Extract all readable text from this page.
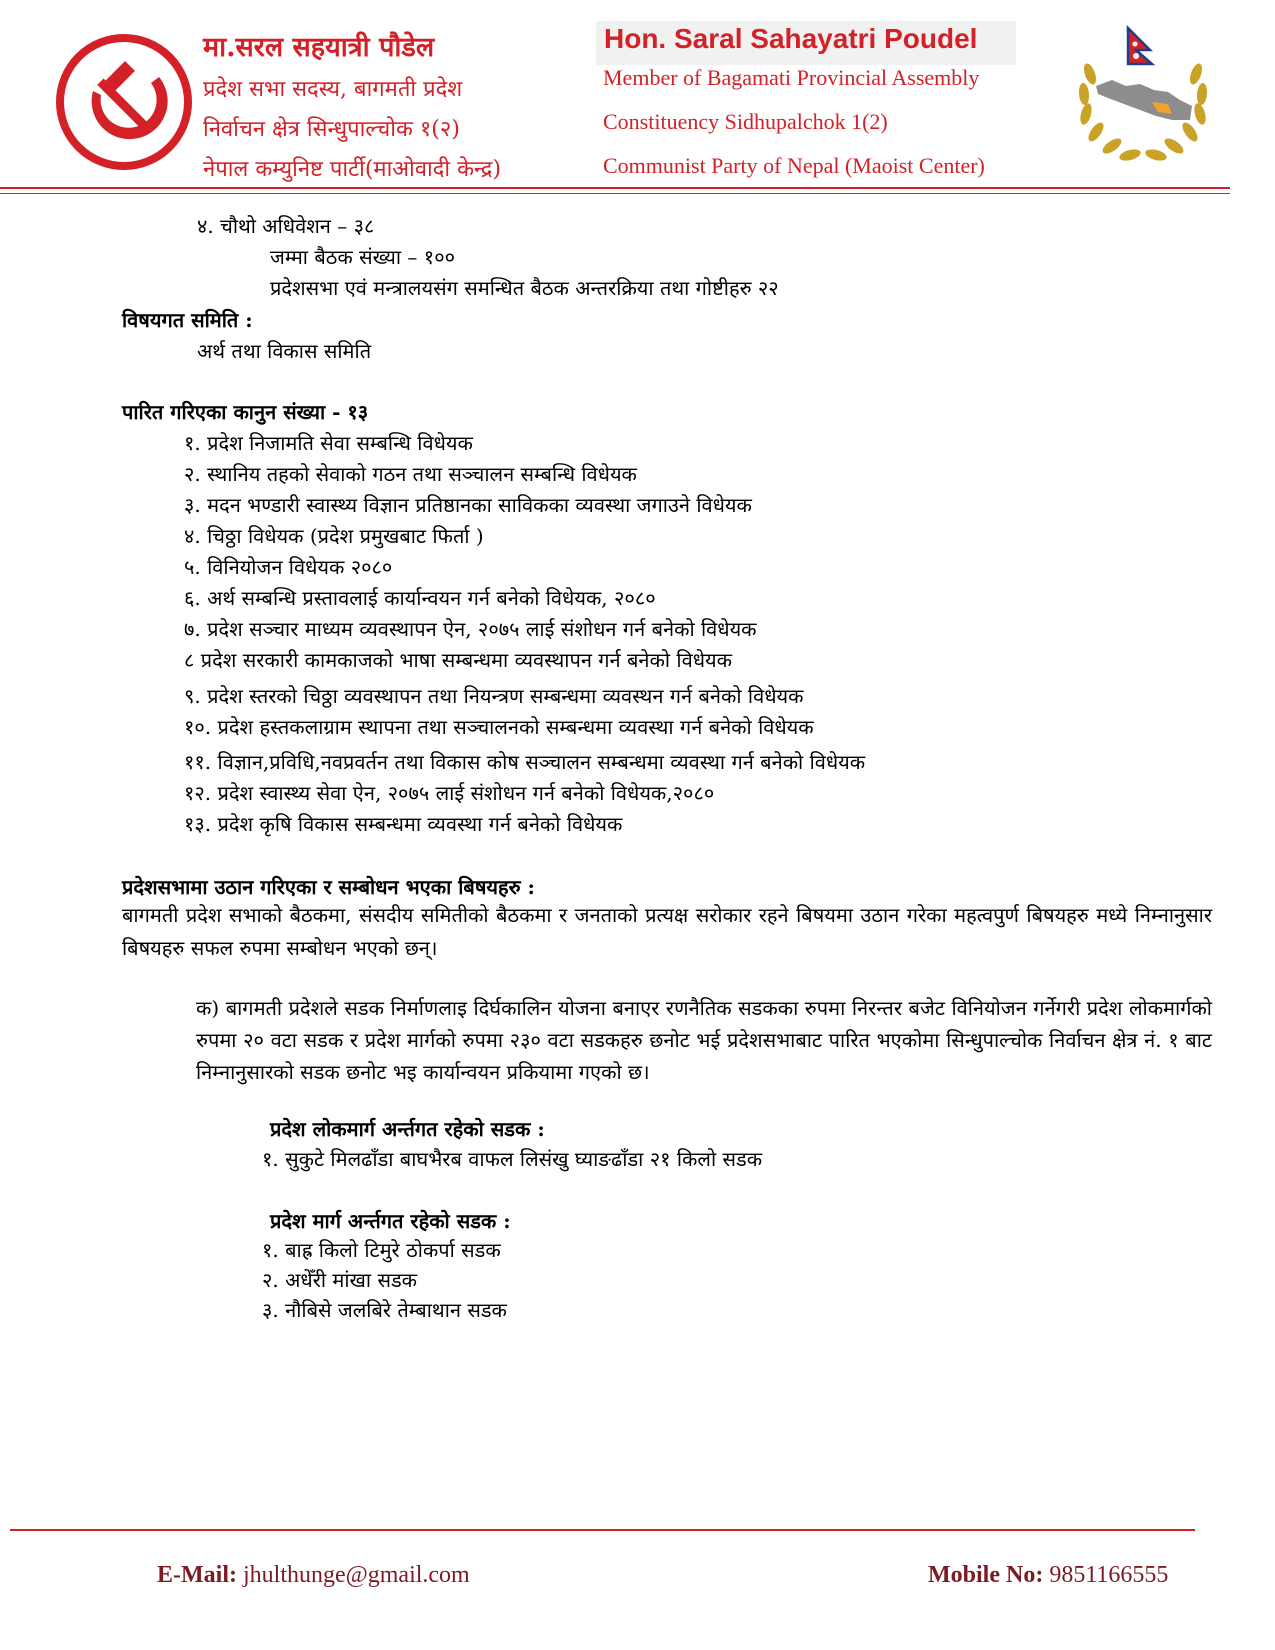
मा.सरल सहयात्री पौडेल
प्रदेश सभा सदस्य, बागमती प्रदेश
निर्वाचन क्षेत्र सिन्धुपाल्चोक १(२)
नेपाल कम्युनिष्ट पार्टी(माओवादी केन्द्र)
Hon. Saral Sahayatri Poudel
Member of Bagamati Provincial Assembly
Constituency Sidhupalchok 1(2)
Communist Party of Nepal (Maoist Center)
४. चौथो अधिवेशन – ३८
जम्मा बैठक संख्या – १००
प्रदेशसभा एवं मन्त्रालयसंग समन्धित बैठक अन्तरक्रिया तथा गोष्टीहरु २२
विषयगत समिति :
अर्थ तथा विकास समिति
पारित गरिएका कानुन संख्या - १३
१. प्रदेश निजामति सेवा सम्बन्धि विधेयक
२. स्थानिय तहको सेवाको गठन तथा सञ्चालन सम्बन्धि विधेयक
३. मदन भण्डारी स्वास्थ्य विज्ञान प्रतिष्ठानका साविकका व्यवस्था जगाउने विधेयक
४. चिठ्ठा विधेयक (प्रदेश प्रमुखबाट फिर्ता )
५. विनियोजन विधेयक २०८०
६. अर्थ सम्बन्धि प्रस्तावलाई कार्यान्वयन गर्न बनेको विधेयक, २०८०
७. प्रदेश सञ्चार माध्यम व्यवस्थापन ऐन, २०७५ लाई संशोधन गर्न बनेको विधेयक
८ प्रदेश सरकारी कामकाजको भाषा सम्बन्धमा व्यवस्थापन गर्न बनेको विधेयक
९. प्रदेश स्तरको चिठ्ठा व्यवस्थापन तथा नियन्त्रण सम्बन्धमा व्यवस्थन गर्न बनेको विधेयक
१०. प्रदेश हस्तकलाग्राम स्थापना तथा सञ्चालनको सम्बन्धमा व्यवस्था गर्न बनेको विधेयक
११. विज्ञान,प्रविधि,नवप्रवर्तन तथा विकास कोष सञ्चालन सम्बन्धमा व्यवस्था गर्न बनेको विधेयक
१२. प्रदेश स्वास्थ्य सेवा ऐन, २०७५ लाई संशोधन गर्न बनेको विधेयक,२०८०
१३. प्रदेश कृषि विकास सम्बन्धमा व्यवस्था गर्न बनेको विधेयक
प्रदेशसभामा उठान गरिएका र सम्बोधन भएका बिषयहरु :
बागमती प्रदेश सभाको बैठकमा, संसदीय समितीको बैठकमा र जनताको प्रत्यक्ष सरोकार रहने बिषयमा उठान गरेका महत्वपुर्ण बिषयहरु मध्ये निम्नानुसार बिषयहरु सफल रुपमा सम्बोधन भएको छन्।
क) बागमती प्रदेशले सडक निर्माणलाइ दिर्घकालिन योजना बनाएर रणनैतिक सडकका रुपमा निरन्तर बजेट विनियोजन गर्नेगरी प्रदेश लोकमार्गको रुपमा २० वटा सडक र प्रदेश मार्गको रुपमा २३० वटा सडकहरु छनोट भई प्रदेशसभाबाट पारित भएकोमा सिन्धुपाल्चोक निर्वाचन क्षेत्र नं. १ बाट निम्नानुसारको सडक छनोट भइ कार्यान्वयन प्रकियामा गएको छ।
प्रदेश लोकमार्ग अर्न्तगत रहेको सडक :
१. सुकुटे मिलढाँडा बाघभैरब वाफल लिसंखु घ्याङढाँडा २१ किलो सडक
प्रदेश मार्ग अर्न्तगत रहेको सडक :
१. बाह्र किलो टिमुरे ठोकर्पा सडक
२. अधेँरी मांखा सडक
३. नौबिसे जलबिरे तेम्बाथान सडक
E-Mail: jhulthunge@gmail.com	Mobile No: 9851166555
